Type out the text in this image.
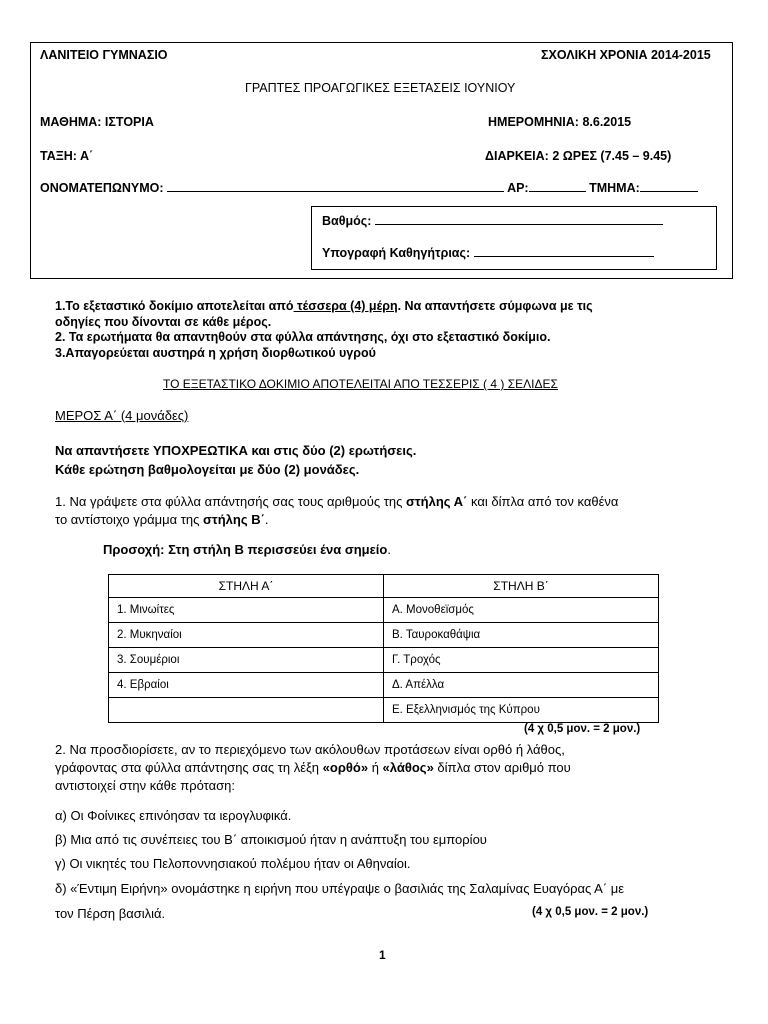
ΛΑΝΙΤΕΙΟ ΓΥΜΝΑΣΙΟ	ΣΧΟΛΙΚΗ ΧΡΟΝΙΑ 2014-2015
ΓΡΑΠΤΕΣ ΠΡΟΑΓΩΓΙΚΕΣ ΕΞΕΤΑΣΕΙΣ ΙΟΥΝΙΟΥ
ΜΑΘΗΜΑ: ΙΣΤΟΡΙΑ	ΗΜΕΡΟΜΗΝΙΑ: 8.6.2015
ΤΑΞΗ: Α΄	ΔΙΑΡΚΕΙΑ: 2 ΩΡΕΣ (7.45 – 9.45)
ΟΝΟΜΑΤΕΠΩΝΥΜΟ:	ΑΡ:	ΤΜΗΜΑ:
Βαθμός:
Υπογραφή Καθηγήτριας:
1.Το εξεταστικό δοκίμιο αποτελείται από τέσσερα (4) μέρη. Να απαντήσετε σύμφωνα με τις
οδηγίες που δίνονται σε κάθε μέρος.
2. Τα ερωτήματα θα απαντηθούν στα φύλλα απάντησης, όχι στο εξεταστικό δοκίμιο.
3.Απαγορεύεται αυστηρά η χρήση διορθωτικού υγρού
ΤΟ ΕΞΕΤΑΣΤΙΚΟ ΔΟΚΙΜΙΟ ΑΠΟΤΕΛΕΙΤΑΙ ΑΠΟ ΤΕΣΣΕΡΙΣ ( 4 ) ΣΕΛΙΔΕΣ
ΜΕΡΟΣ Α΄ (4 μονάδες)
Να απαντήσετε ΥΠΟΧΡΕΩΤΙΚΑ και στις δύο (2) ερωτήσεις.
Κάθε ερώτηση βαθμολογείται με δύο (2) μονάδες.
1. Να γράψετε στα φύλλα απάντησής σας τους αριθμούς της στήλης Α΄ και δίπλα από τον καθένα
το αντίστοιχο γράμμα της στήλης Β΄.
Προσοχή: Στη στήλη Β περισσεύει ένα σημείο.
ΣΤΗΛΗ Α΄	ΣΤΗΛΗ Β΄
1. Μινωίτες	Α. Μονοθεϊσμός
2. Μυκηναίοι	Β. Ταυροκαθάψια
3. Σουμέριοι	Γ. Τροχός
4. Εβραίοι	Δ. Απέλλα
	Ε. Εξελληνισμός της Κύπρου
(4 χ 0,5 μον. = 2 μον.)
2. Να προσδιορίσετε, αν το περιεχόμενο των ακόλουθων προτάσεων είναι ορθό ή λάθος,
γράφοντας στα φύλλα απάντησης σας τη λέξη «ορθό» ή «λάθος» δίπλα στον αριθμό που
αντιστοιχεί στην κάθε πρόταση:
α) Οι Φοίνικες επινόησαν τα ιερογλυφικά.
β) Μια από τις συνέπειες του Β΄ αποικισμού ήταν η ανάπτυξη του εμπορίου
γ) Οι νικητές του Πελοποννησιακού πολέμου ήταν οι Αθηναίοι.
δ) «Έντιμη Ειρήνη» ονομάστηκε η ειρήνη που υπέγραψε ο βασιλιάς της Σαλαμίνας Ευαγόρας Α΄ με
τον Πέρση βασιλιά.	(4 χ 0,5 μον. = 2 μον.)
1
